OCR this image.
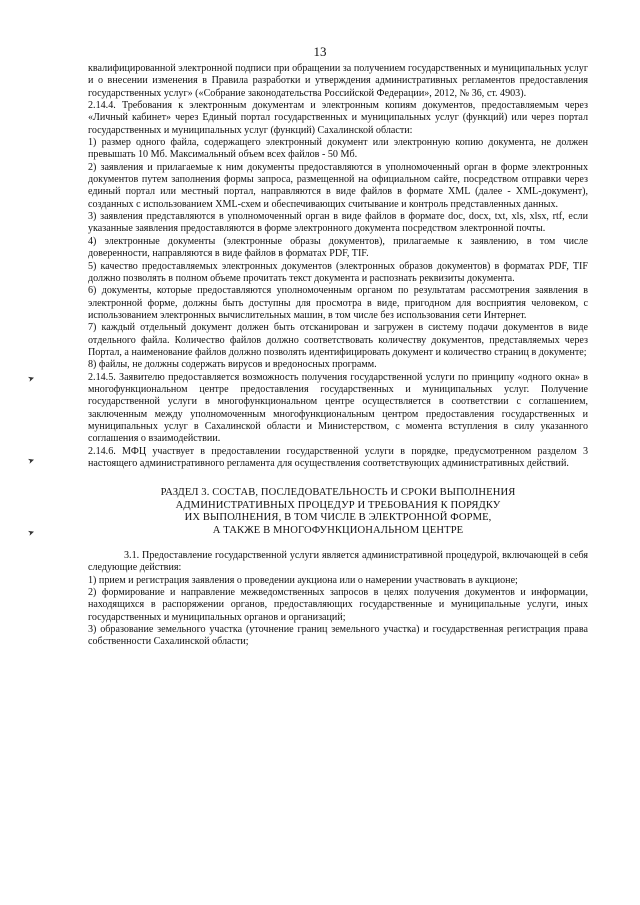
13
➤
➤
➤

квалифицированной электронной подписи при обращении за получением государственных и муниципальных услуг и о внесении изменения в Правила разработки и утверждения административных регламентов предоставления государственных услуг» («Собрание законодательства Российской Федерации», 2012, № 36, ст. 4903).

2.14.4. Требования к электронным документам и электронным копиям документов, предоставляемым через «Личный кабинет» через Единый портал государственных и муниципальных услуг (функций) или через портал государственных и муниципальных услуг (функций) Сахалинской области:

1) размер одного файла, содержащего электронный документ или электронную копию документа, не должен превышать 10 Мб. Максимальный объем всех файлов - 50 Мб.

2) заявления и прилагаемые к ним документы предоставляются в уполномоченный орган в форме электронных документов путем заполнения формы запроса, размещенной на официальном сайте, посредством отправки через единый портал или местный портал, направляются в виде файлов в формате XML (далее - XML-документ), созданных с использованием XML-схем и обеспечивающих считывание и контроль представленных данных.

3) заявления представляются в уполномоченный орган в виде файлов в формате doc, docx, txt, xls, xlsx, rtf, если указанные заявления предоставляются в форме электронного документа посредством электронной почты.

4) электронные документы (электронные образы документов), прилагаемые к заявлению, в том числе доверенности, направляются в виде файлов в форматах PDF, TIF.

5) качество предоставляемых электронных документов (электронных образов документов) в форматах PDF, TIF должно позволять в полном объеме прочитать текст документа и распознать реквизиты документа.

6) документы, которые предоставляются уполномоченным органом по результатам рассмотрения заявления в электронной форме, должны быть доступны для просмотра в виде, пригодном для восприятия человеком, с использованием электронных вычислительных машин, в том числе без использования сети Интернет.

7) каждый отдельный документ должен быть отсканирован и загружен в систему подачи документов в виде отдельного файла. Количество файлов должно соответствовать количеству документов, представляемых через Портал, а наименование файлов должно позволять идентифицировать документ и количество страниц в документе;

8) файлы, не должны содержать вирусов и вредоносных программ.

2.14.5. Заявителю предоставляется возможность получения государственной услуги по принципу «одного окна» в многофункциональном центре предоставления государственных и муниципальных услуг. Получение государственной услуги в многофункциональном центре осуществляется в соответствии с соглашением, заключенным между уполномоченным многофункциональным центром предоставления государственных и муниципальных услуг в Сахалинской области и Министерством, с момента вступления в силу указанного соглашения о взаимодействии.

2.14.6. МФЦ участвует в предоставлении государственной услуги в порядке, предусмотренном разделом 3 настоящего административного регламента для осуществления соответствующих административных действий.

РАЗДЕЛ 3. СОСТАВ, ПОСЛЕДОВАТЕЛЬНОСТЬ И СРОКИ ВЫПОЛНЕНИЯ
АДМИНИСТРАТИВНЫХ ПРОЦЕДУР И ТРЕБОВАНИЯ К ПОРЯДКУ
ИХ ВЫПОЛНЕНИЯ, В ТОМ ЧИСЛЕ В ЭЛЕКТРОННОЙ ФОРМЕ,
А ТАКЖЕ В МНОГОФУНКЦИОНАЛЬНОМ ЦЕНТРЕ

3.1. Предоставление государственной услуги является административной процедурой, включающей в себя следующие действия:

1) прием и регистрация заявления о проведении аукциона или о намерении участвовать в аукционе;

2) формирование и направление межведомственных запросов в целях получения документов и информации, находящихся в распоряжении органов, предоставляющих государственные и муниципальные услуги, иных государственных и муниципальных органов и организаций;

3) образование земельного участка (уточнение границ земельного участка) и государственная регистрация права собственности Сахалинской области;
